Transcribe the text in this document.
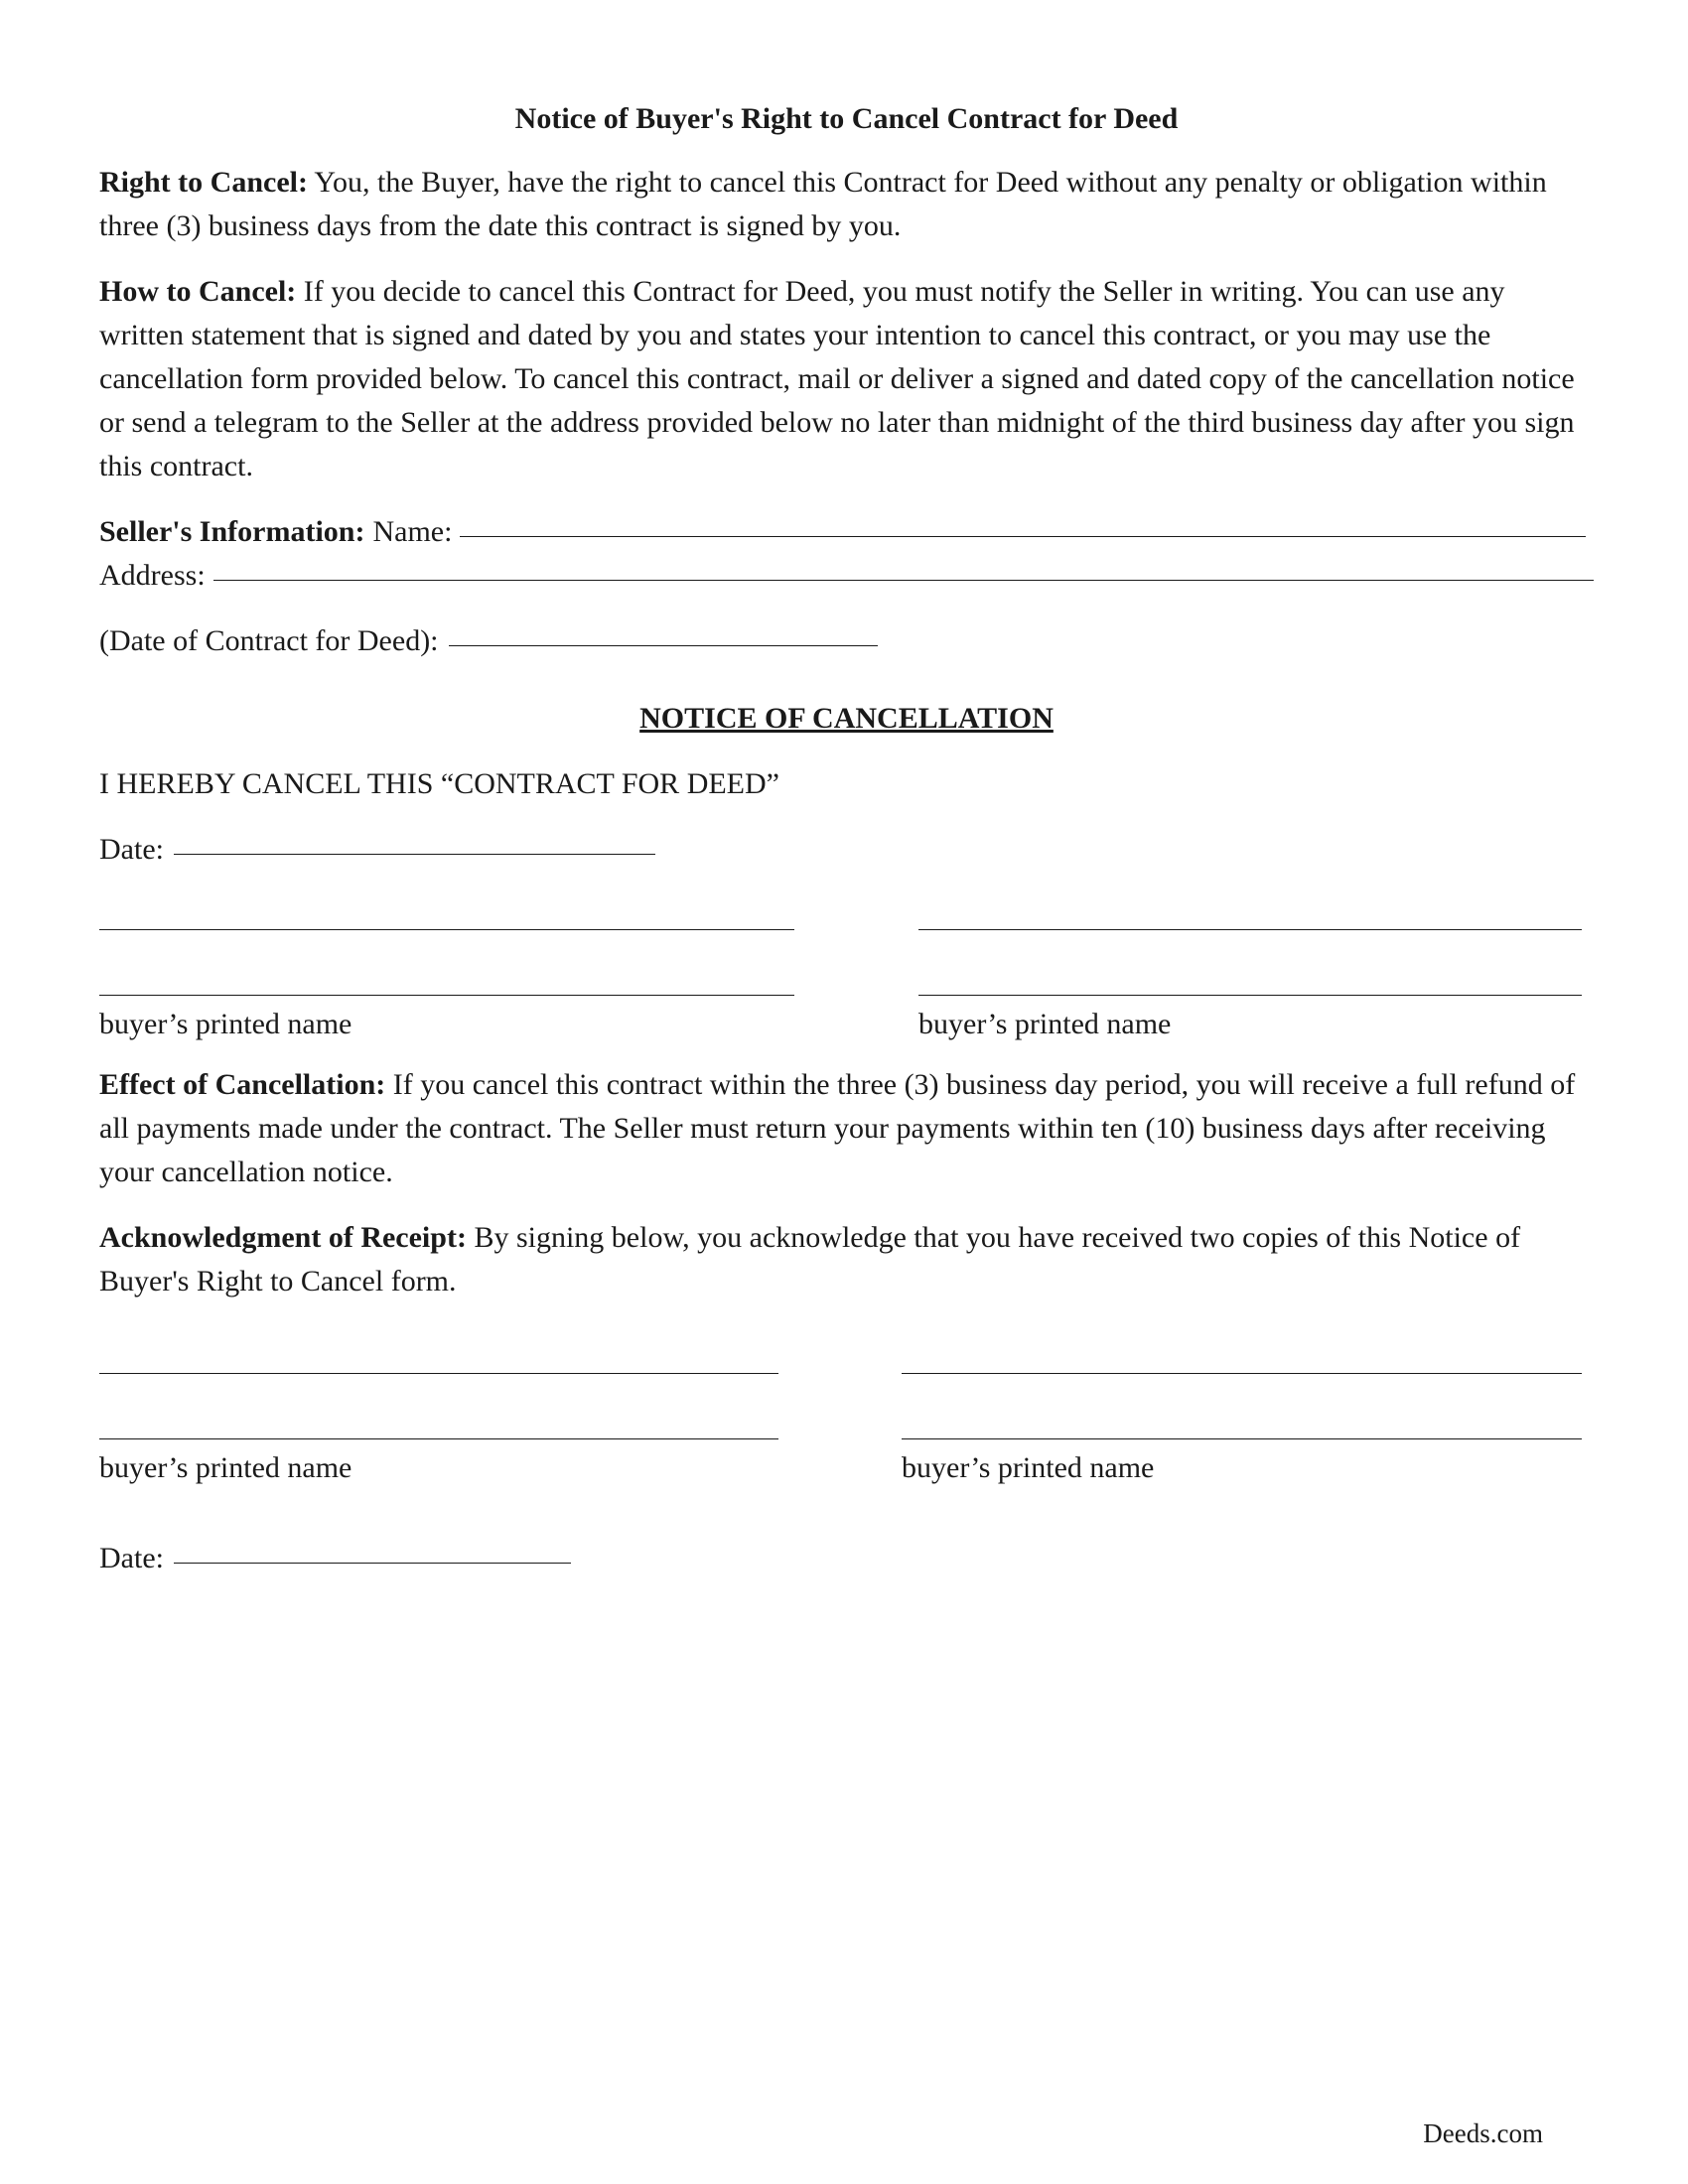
Notice of Buyer's Right to Cancel Contract for Deed

Right to Cancel: You, the Buyer, have the right to cancel this Contract for Deed without any penalty or obligation within three (3) business days from the date this contract is signed by you.

How to Cancel: If you decide to cancel this Contract for Deed, you must notify the Seller in writing. You can use any written statement that is signed and dated by you and states your intention to cancel this contract, or you may use the cancellation form provided below. To cancel this contract, mail or deliver a signed and dated copy of the cancellation notice or send a telegram to the Seller at the address provided below no later than midnight of the third business day after you sign this contract.

Seller's Information: Name:
Address:
(Date of Contract for Deed):
NOTICE OF CANCELLATION

I HEREBY CANCEL THIS “CONTRACT FOR DEED”

Date:
buyer’s printed name	buyer’s printed name

Effect of Cancellation: If you cancel this contract within the three (3) business day period, you will receive a full refund of all payments made under the contract. The Seller must return your payments within ten (10) business days after receiving your cancellation notice.

Acknowledgment of Receipt: By signing below, you acknowledge that you have received two copies of this Notice of Buyer's Right to Cancel form.

buyer’s printed name	buyer’s printed name
Date:
Deeds.com
